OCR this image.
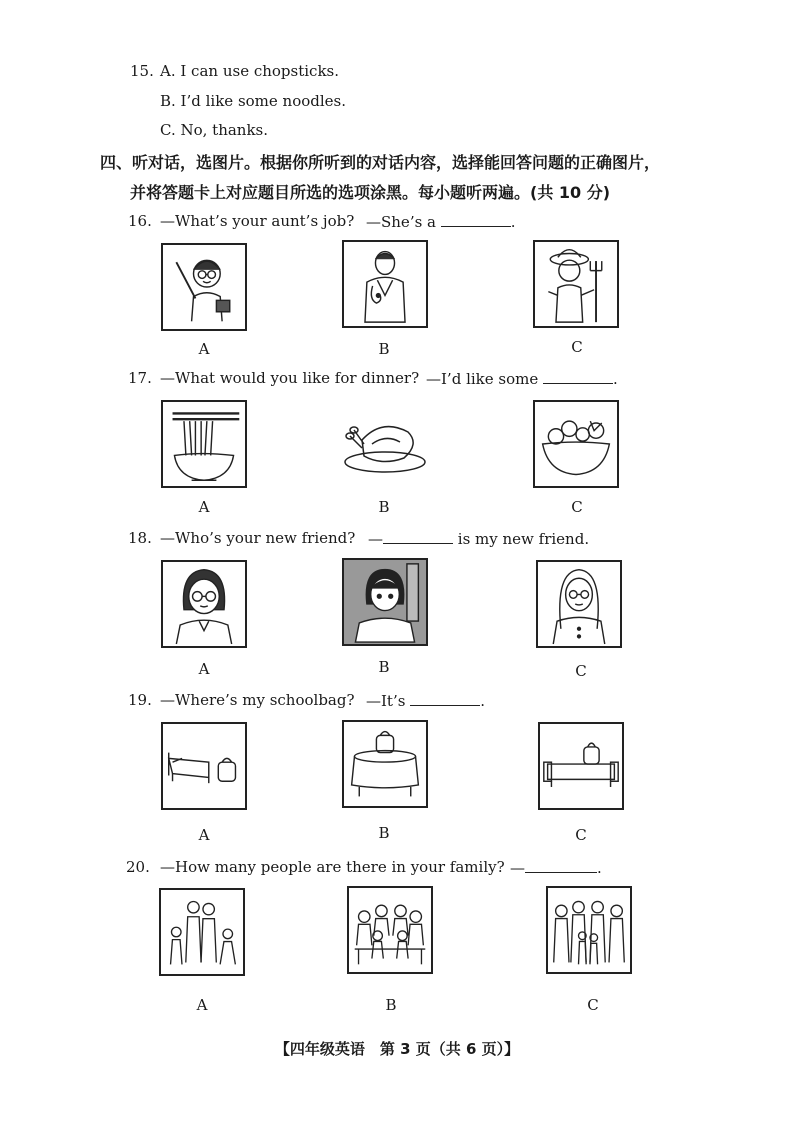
15. A. I can use chopsticks.
B. I’d like some noodles.
C. No, thanks.
四、听对话，选图片。根据你所听到的对话内容，选择能回答问题的正确图片，
并将答题卡上对应题目所选的选项涂黑。每小题听两遍。(共 10 分)
16. —What’s your aunt’s job? —She’s a	.
A	B	C
17. —What would you like for dinner? —I’d like some	.
A	B	C
18. —Who’s your new friend? —	is my new friend.
A	B	C
19. —Where’s my schoolbag? —It’s	.
A	B	C
20. —How many people are there in your family? —	.
A	B	C
【四年级英语　第 3 页（共 6 页）】
